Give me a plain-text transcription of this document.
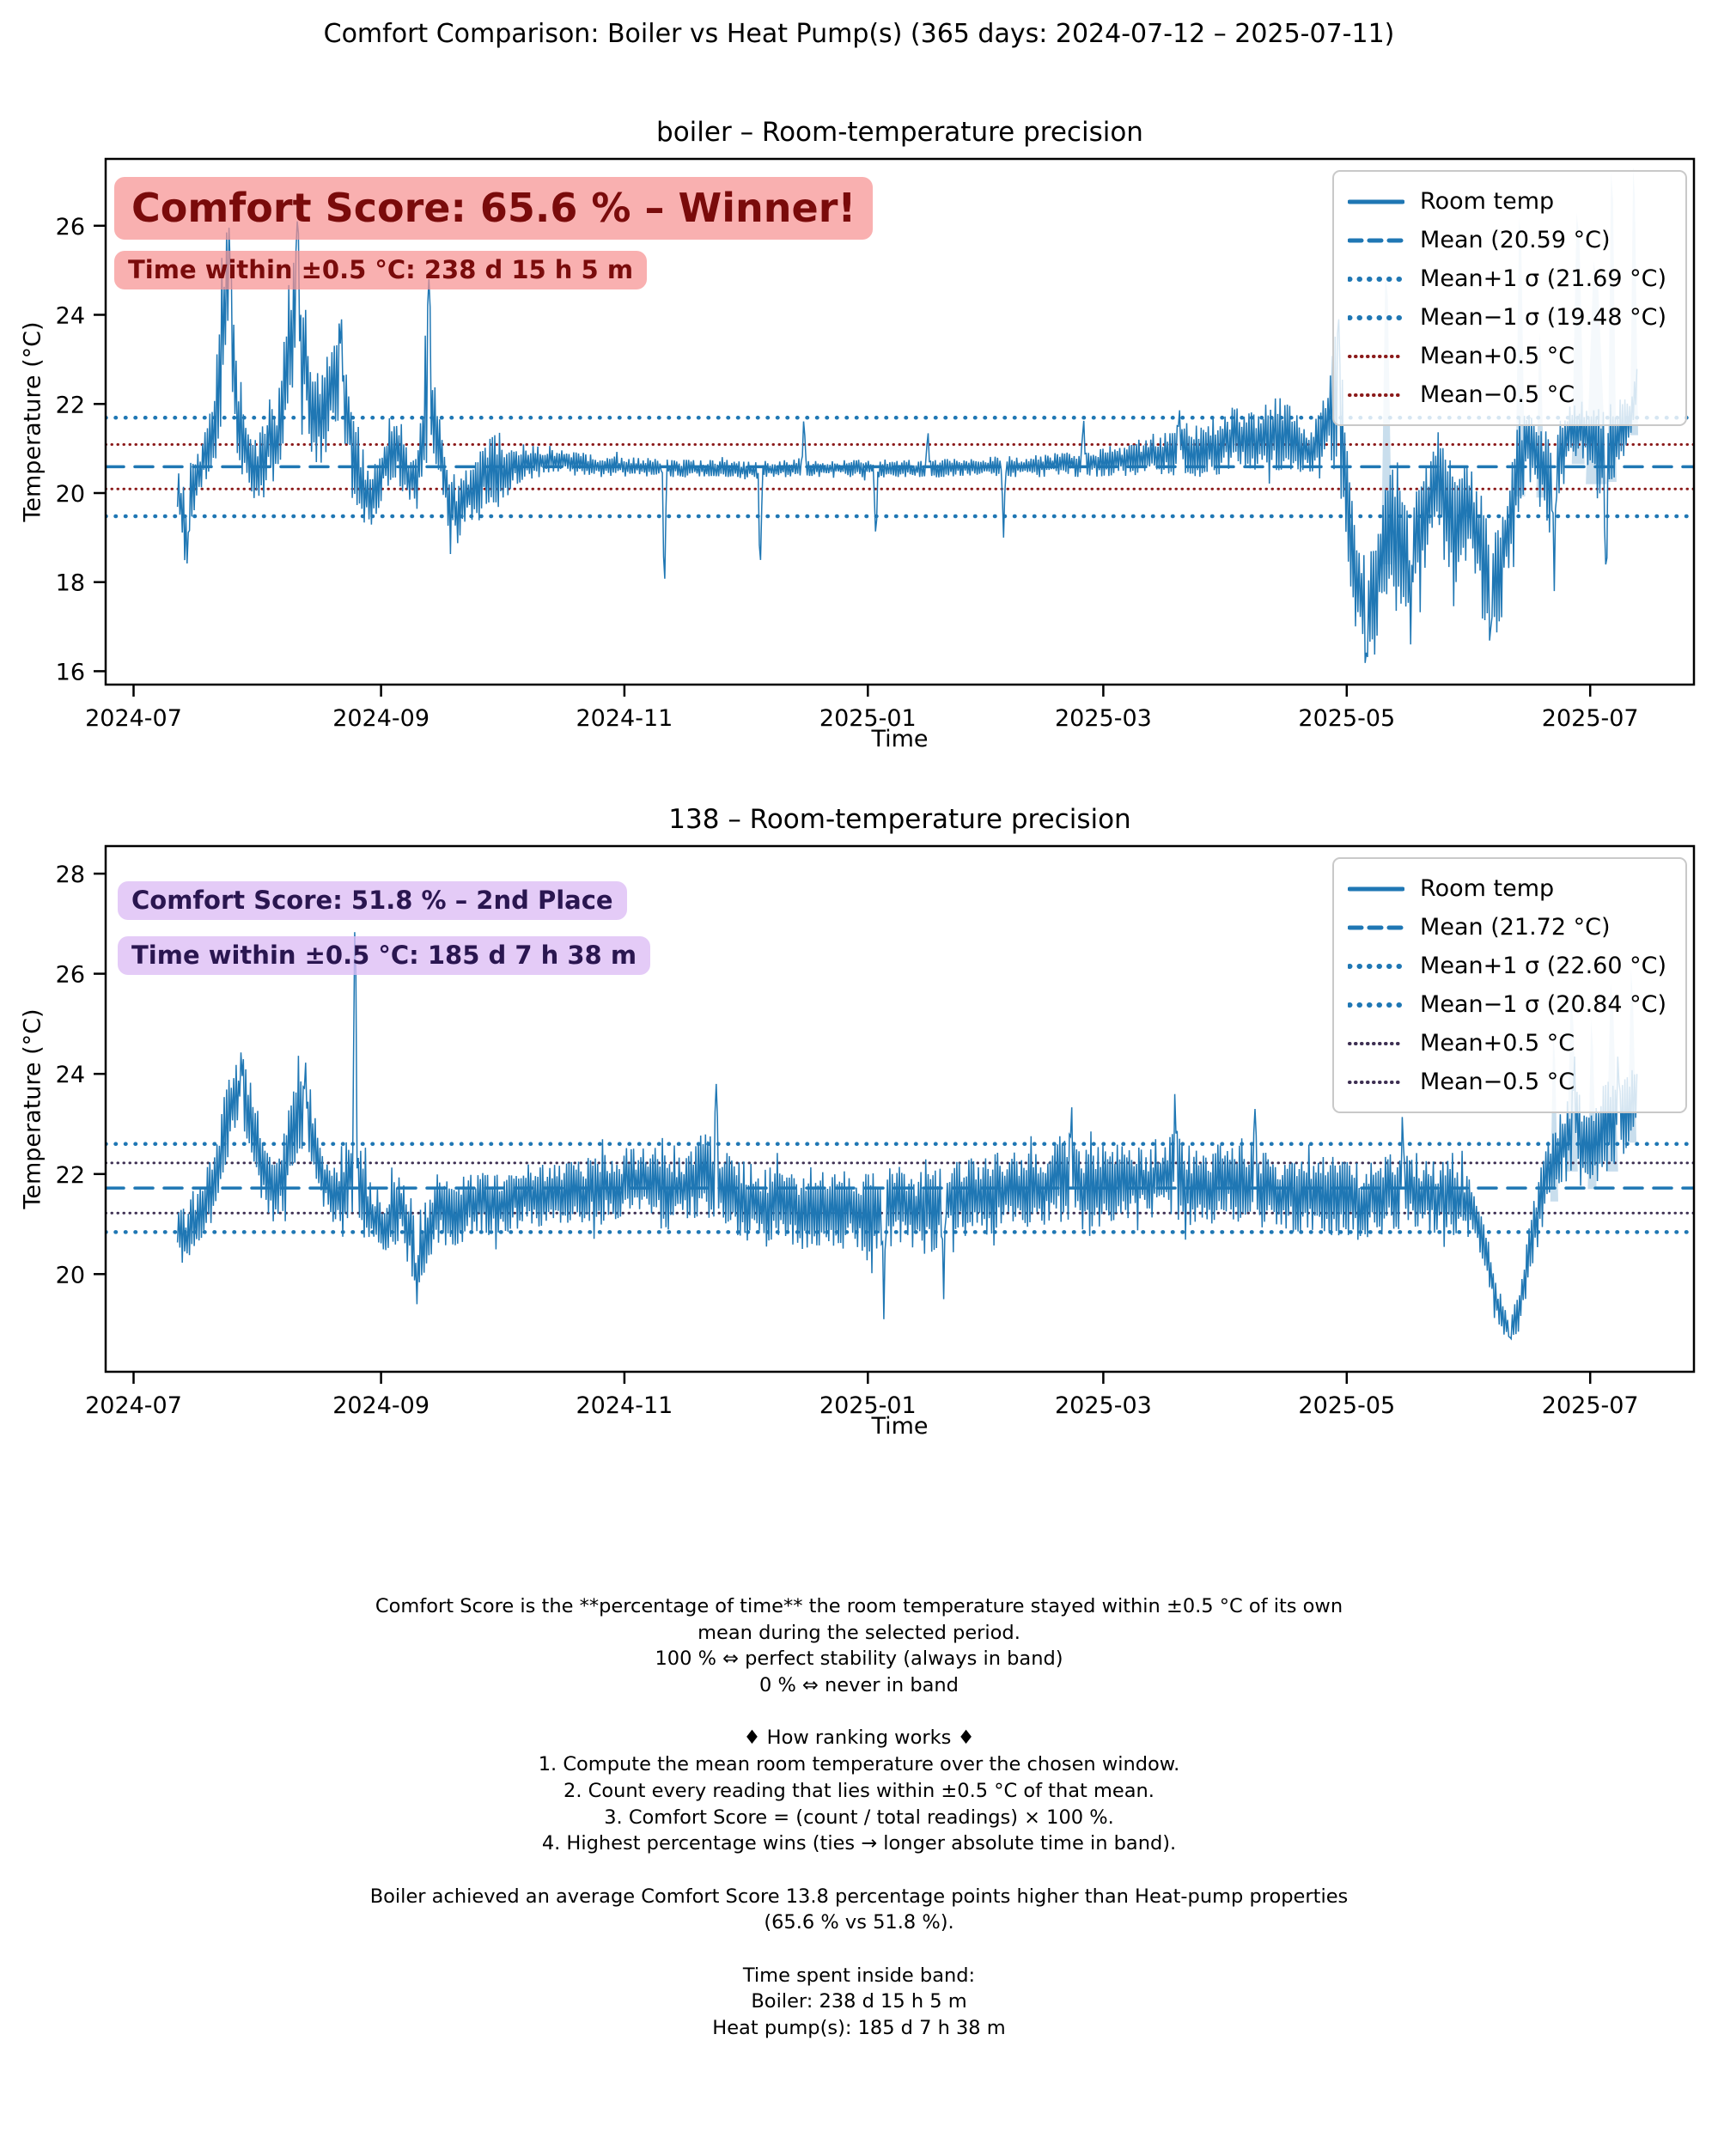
Comfort Comparison: Boiler vs Heat Pump(s) (365 days: 2024-07-12 – 2025-07-11)
boiler – Room-temperature precision
Temperature (°C)
2024-07	2024-09	2024-11	2025-01	2025-03	2025-05	2025-07
16
18
20
22
24
26	Comfort Score: 65.6 % – Winner!
Time within ±0.5 °C: 238 d 15 h 5 m
Room temp
Mean (20.59 °C)
Mean+1 σ (21.69 °C)
Mean−1 σ (19.48 °C)
Mean+0.5 °C
Mean−0.5 °C
Time
138 – Room-temperature precision
Temperature (°C)
2024-07	2024-09	2024-11	2025-01	2025-03	2025-05	2025-07
20
22
24
26
28
Comfort Score: 51.8 % – 2nd Place
Time within ±0.5 °C: 185 d 7 h 38 m
Room temp
Mean (21.72 °C)
Mean+1 σ (22.60 °C)
Mean−1 σ (20.84 °C)
Mean+0.5 °C
Mean−0.5 °C
Time
Comfort Score is the **percentage of time** the room temperature stayed within ±0.5 °C of its own
mean during the selected period.
100 % ⇔ perfect stability (always in band)
0 % ⇔ never in band

♦ How ranking works ♦
1. Compute the mean room temperature over the chosen window.
2. Count every reading that lies within ±0.5 °C of that mean.
3. Comfort Score = (count / total readings) × 100 %.
4. Highest percentage wins (ties → longer absolute time in band).

Boiler achieved an average Comfort Score 13.8 percentage points higher than Heat-pump properties
(65.6 % vs 51.8 %).

Time spent inside band:
Boiler: 238 d 15 h 5 m
Heat pump(s): 185 d 7 h 38 m
